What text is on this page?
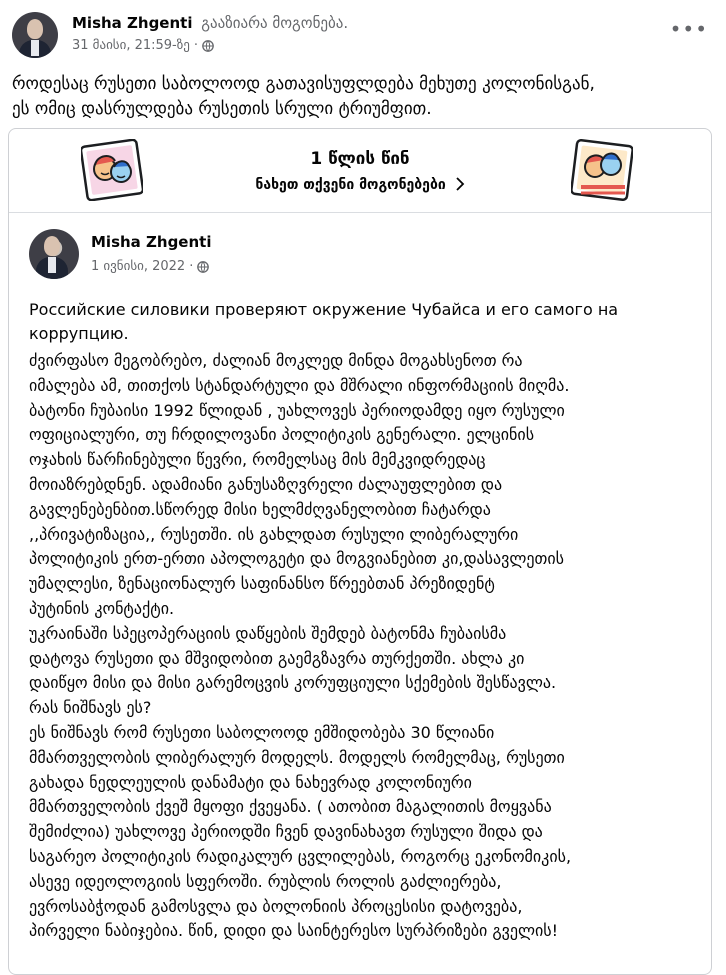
Misha Zhgenti გააზიარა მოგონება.
31 მაისი, 21:59-ზე ·
•••
როდესაც რუსეთი საბოლოოდ გათავისუფლდება მეხუთე კოლონისგან,
ეს ომიც დასრულდება რუსეთის სრული ტრიუმფით.
1 წლის წინ
ნახეთ თქვენი მოგონებები
Misha Zhgenti
1 ივნისი, 2022 ·
Российские силовики проверяют окружение Чубайса и его самого на
коррупцию.
ძვირფასო მეგობრებო, ძალიან მოკლედ მინდა მოგახსენოთ რა
იმალება ამ, თითქოს სტანდარტული და მშრალი ინფორმაციის მიღმა.
ბატონი ჩუბაისი 1992 წლიდან , უახლოვეს პერიოდამდე იყო რუსული
ოფიციალური, თუ ჩრდილოვანი პოლიტიკის გენერალი. ელცინის
ოჯახის წარჩინებული წევრი, რომელსაც მის მემკვიდრედაც
მოიაზრებდნენ. ადამიანი განუსაზღვრელი ძალაუფლებით და
გავლენებენბით.სწორედ მისი ხელმძღვანელობით ჩატარდა
,,პრივატიზაცია,, რუსეთში. ის გახლდათ რუსული ლიბერალური
პოლიტიკის ერთ-ერთი აპოლოგეტი და მოგვიანებით კი,დასავლეთის
უმაღლესი, ზენაციონალურ საფინანსო წრეებთან პრეზიდენტ
პუტინის კონტაქტი.
უკრაინაში სპეცოპერაციის დაწყების შემდებ ბატონმა ჩუბაისმა
დატოვა რუსეთი და მშვიდობით გაემგზავრა თურქეთში. ახლა კი
დაიწყო მისი და მისი გარემოცვის კორუფციული სქემების შესწავლა.
რას ნიშნავს ეს?
ეს ნიშნავს რომ რუსეთი საბოლოოდ ემშიდობება 30 წლიანი
მმართველობის ლიბერალურ მოდელს. მოდელს რომელმაც, რუსეთი
გახადა ნედლეულის დანამატი და ნახევრად კოლონიური
მმართველობის ქვეშ მყოფი ქვეყანა. ( ათობით მაგალითის მოყვანა
შემიძლია) უახლოვე პერიოდში ჩვენ დავინახავთ რუსული შიდა და
საგარეო პოლიტიკის რადიკალურ ცვლილებას, როგორც ეკონომიკის,
ასევე იდეოლოგიის სფეროში. რუბლის როლის გაძლიერება,
ევროსაბჭოდან გამოსვლა და ბოლონიის პროცესისი დატოვება,
პირველი ნაბიჯებია. წინ, დიდი და საინტერესო სურპრიზები გველის!
